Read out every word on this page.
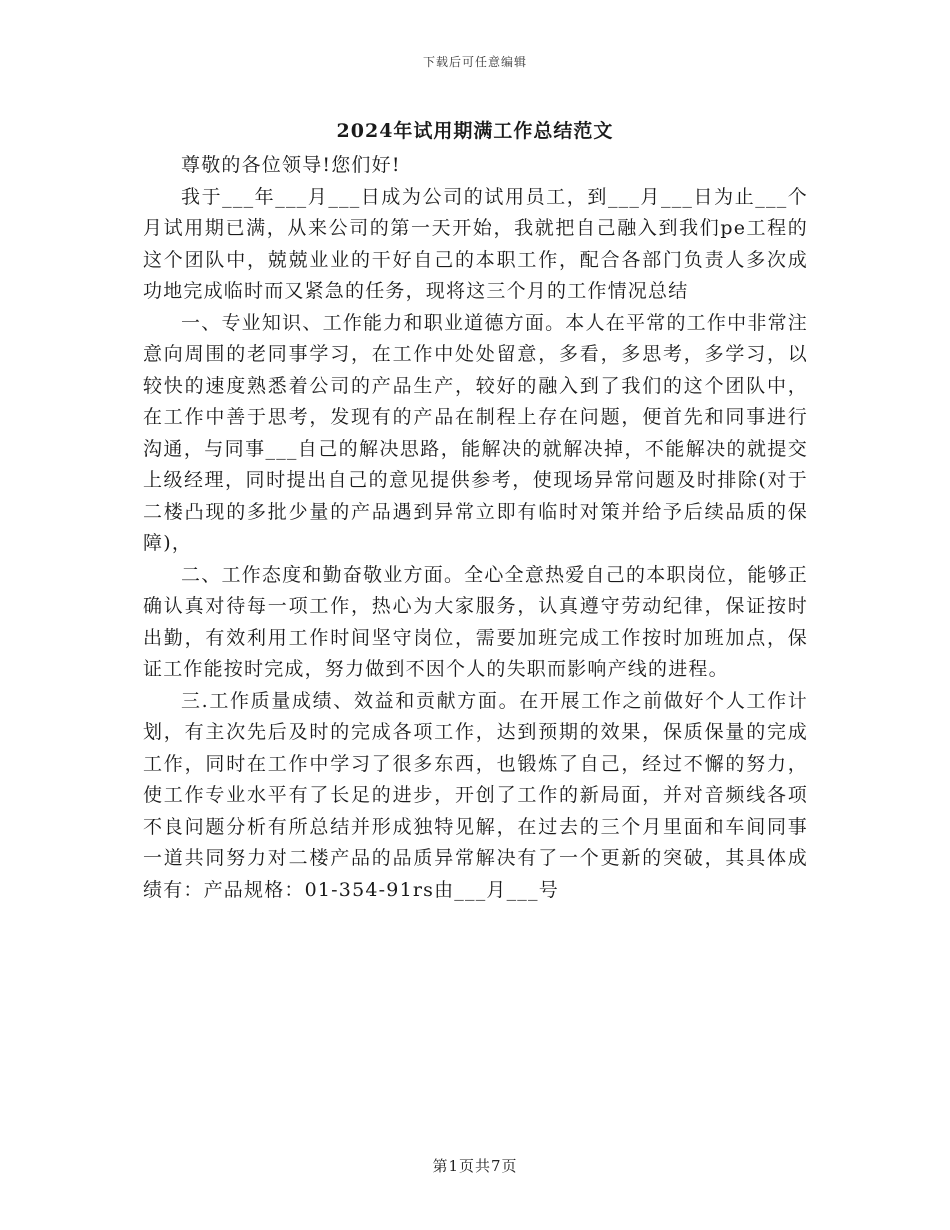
下载后可任意编辑
2024年试用期满工作总结范文

尊敬的各位领导!您们好!

我于___年___月___日成为公司的试用员工，到___月___日为止___个月试用期已满，从来公司的第一天开始，我就把自己融入到我们pe工程的这个团队中，兢兢业业的干好自己的本职工作，配合各部门负责人多次成功地完成临时而又紧急的任务，现将这三个月的工作情况总结

一、专业知识、工作能力和职业道德方面。本人在平常的工作中非常注意向周围的老同事学习，在工作中处处留意，多看，多思考，多学习，以较快的速度熟悉着公司的产品生产，较好的融入到了我们的这个团队中，在工作中善于思考，发现有的产品在制程上存在问题，便首先和同事进行沟通，与同事___自己的解决思路，能解决的就解决掉，不能解决的就提交上级经理，同时提出自己的意见提供参考，使现场异常问题及时排除(对于二楼凸现的多批少量的产品遇到异常立即有临时对策并给予后续品质的保障)，

二、工作态度和勤奋敬业方面。全心全意热爱自己的本职岗位，能够正确认真对待每一项工作，热心为大家服务，认真遵守劳动纪律，保证按时出勤，有效利用工作时间坚守岗位，需要加班完成工作按时加班加点，保证工作能按时完成，努力做到不因个人的失职而影响产线的进程。

三.工作质量成绩、效益和贡献方面。在开展工作之前做好个人工作计划，有主次先后及时的完成各项工作，达到预期的效果，保质保量的完成工作，同时在工作中学习了很多东西，也锻炼了自己，经过不懈的努力，使工作专业水平有了长足的进步，开创了工作的新局面，并对音频线各项不良问题分析有所总结并形成独特见解，在过去的三个月里面和车间同事一道共同努力对二楼产品的品质异常解决有了一个更新的突破，其具体成绩有：产品规格：01-354-91rs由___月___号

第1页共7页
